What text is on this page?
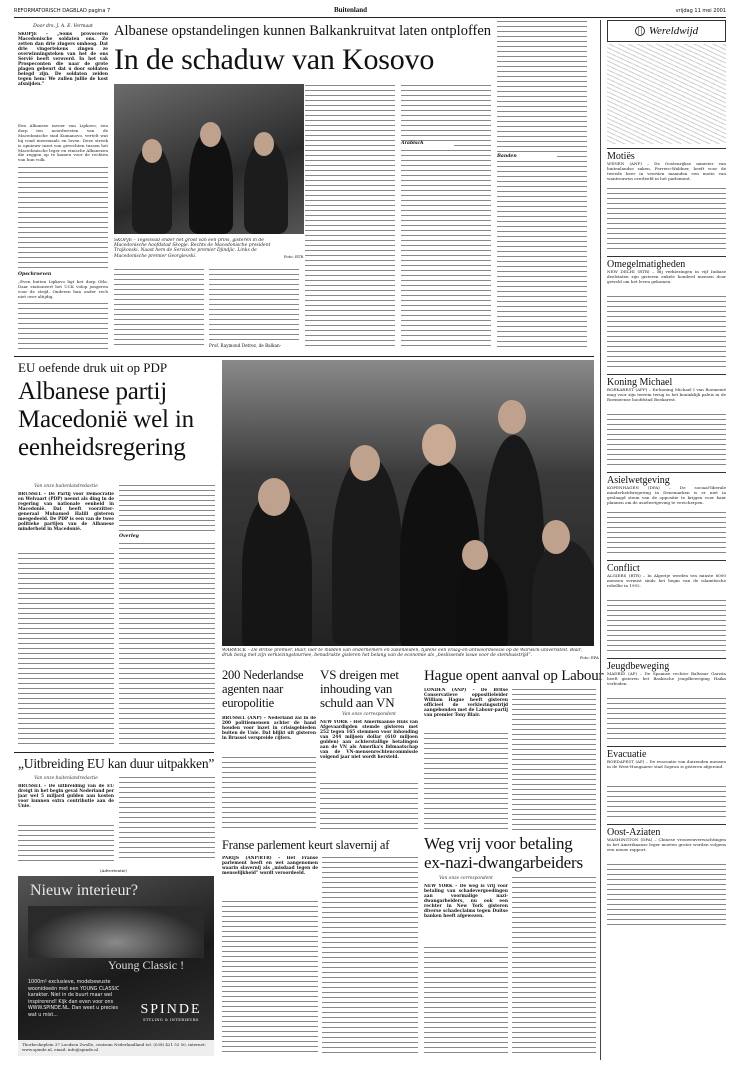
REFORMATORISCH DAGBLAD pagina 7	Buitenland	vrijdag 11 mei 2001
Door drs. J. A. E. Vermaat
SKOPJE – „Soms provoceren Macedonische soldaten ons. Ze zetten dan drie zingers omhoog. Dat drie vingertekens zingen ze overwinningsteken van het de ons Servië heeft veroverd. In het vak Prospeconten die naar de grote plagen gebeurt dat u door soldaten belegd zijn. De soldaten zeiden tegen hem: We zullen jullie de kost afsnijden.”
Een Albanese invoer van Lipkovo, een dorp ten noordwesten van de Macedonische stad Kumanovo, vertelt wat hij rond meermaals en loven. Deze streek is opnieuw inzet van gevechten tussen het Macedonische leger en etnische Albanezen die zeggen op te komen voor de rechten van hun volk.
Opschroeven
„Even buiten Lipkovo ligt het dorp Otla. Daar stationeert het UCK volop jongeren voor de strijd. Onderen hun onder rech niet over altijdig.
Albanese opstandelingen kunnen Balkankruitvat laten ontploffen
In de schaduw van Kosovo
SKOPJE – Tegelsvad onder het groot van een prins, gisteren in de Macedonische hoofdstad Skopje. Rechts de Macedonische president Trajkovski. Naast hem de Servische premier Djindjic. Links de Macedonische premier Georgievski.	Foto: RTR
Prof. Raymond Detrez, de Balkan-
Arabisch
Banden
EU oefende druk uit op PDP
Albanese partij Macedonië wel in eenheidsregering
Van onze buitenlandredactie
BRUSSEL – De Partij voor Democratie en Welvaart (PDP) neemt als ding in de regering van nationale eenheid in Macedonië. Dat heeft voorzitter-generaal Muhamed Halili gisteren meegedeeld. De PDP is een van de twee politieke partijen van de Albanese minderheid in Macedonië.
Overleg
WARWICK – De Britse premier, Blair, loer te midden van ondernemers en zakenleiden, tijdens een vraag-en-antwoordsessie op de Warwick-universiteit. Blair, druk bezig met zijn verkiezingstournee, benadrukte gisteren het belang van de economie als „beslissende issue voor de stembusstrijd”.	Foto: EPA
„Uitbreiding EU kan duur uitpakken”
Van onze buitenlandredactie
BRUSSEL – De uitbreiding van de EU dreigt in het begin geval Nederland per jaar wel 5 miljard gulden aan kosten voor kunnen extra contributie aan de Unie.
(Advertentie)
Nieuw interieur?
Young Classic !
1000m² exclusieve, modebewuste woonideeën met een YOUNG CLASSIC karakter. Niet in de buurt maar wel inspirerend! Kijk dan even voor ons WWW.SPINDE.NL. Dan weet u precies wat u mist...	SPINDE
STYLING & INTERIEURS
Thorbeckeplein 37 Loodsen Zwolle, centrum Nederlandland tel. (038) 421 53 50, internet: www.spinde.nl, email: info@spinde.nl
200 Nederlandse agenten naar europolitie
BRUSSEL (ANP) – Nederland zal in de 200 politiemensen achter de hand houden voor inzet in crisisgebieden buiten de Unie. Dat blijkt uit gisteren in Brussel verspreide cijfers.
VS dreigen met inhouding van schuld aan VN
Van onze correspondent
NEW YORK – Het Amerikaanse Huis van Afgevaardigden stemde gisteren met 252 tegen 165 stemmen voor inhouding van 244 miljoen dollar (610 miljoen gulden) aan achterstallige betalingen aan de VN als Amerika's lidmaatschap van de VN-mensenrechtencommissie volgend jaar niet wordt hersteld.
Hague opent aanval op Labour
LONDEN (ANP) – De Britse Conservatieve oppositieleider William Hague heeft gisteren officieel de verkiezingsstrijd aangebonden met de Labour-partij van premier Tony Blair.
Weg vrij voor betaling ex-nazi-dwangarbeiders
Van onze correspondent
NEW YORK – De weg is vrij voor betaling van schadevergoedingen aan voormalige nazi-dwangarbeiders, nu ook een rechter in New York gisteren diverse schadeclaims tegen Duitse banken heeft afgewezen.
Franse parlement keurt slavernij af
PARIJS (ANP/RTR) – Het Franse parlement heeft en wet aangenomen waarin slavernij als „misdaad tegen de menselijkheid” wordt veroordeeld.
Wereldwijd
Motiës
WENEN (ANP) – De Oostenrijkse minister van buitenlandse zaken, Ferrero-Waldner, heeft voor de tweede keer in veertien maanden een motie van wantrouwen overleefd in het parlement.
Omegelmatigheden
NEW DELHI (RTR) – Bij verkiezingen in vijf Indiase deelstaten zijn gisteren enkele honderd mensen door geweld om het leven gekomen.
Koning Michael
BOEKAREST (AFP) – Ex-koning Michael I van Roemenië mag voor zijn terrein terug in het koninklijk paleis in de Roemeense hoofdstad Boekarest.
Asielwetgeving
KOPENHAGEN (DPA) – De sociaal-liberale minderheidsregering in Denemarken is er niet in geslaagd steun van de oppositie te krijgen voor haar plannen om de asielwetgeving te verscherpen.
Conflict
ALGIERS (RTR) – In Algerije werden ten minste 6000 mensen vermist sinds het begin van de islamitische rebellie in 1992.
Jeugdbeweging
MADRID (AP) – De Spaanse rechter Baltasar Garzón heeft gisteren het Baskische jeugdbeweging Haika verboden.
Evacuatie
BOEDAPEST (AP) – De evacuatie van duizenden mensen in de West-Hongaarse stad Sopron is gisteren afgerond.
Oost-Aziaten
WASHINGTON (DPA) – Chinese vrouwenverwachtingen in het Amerikaanse leger moeten groter worden volgens een nieuw rapport.
